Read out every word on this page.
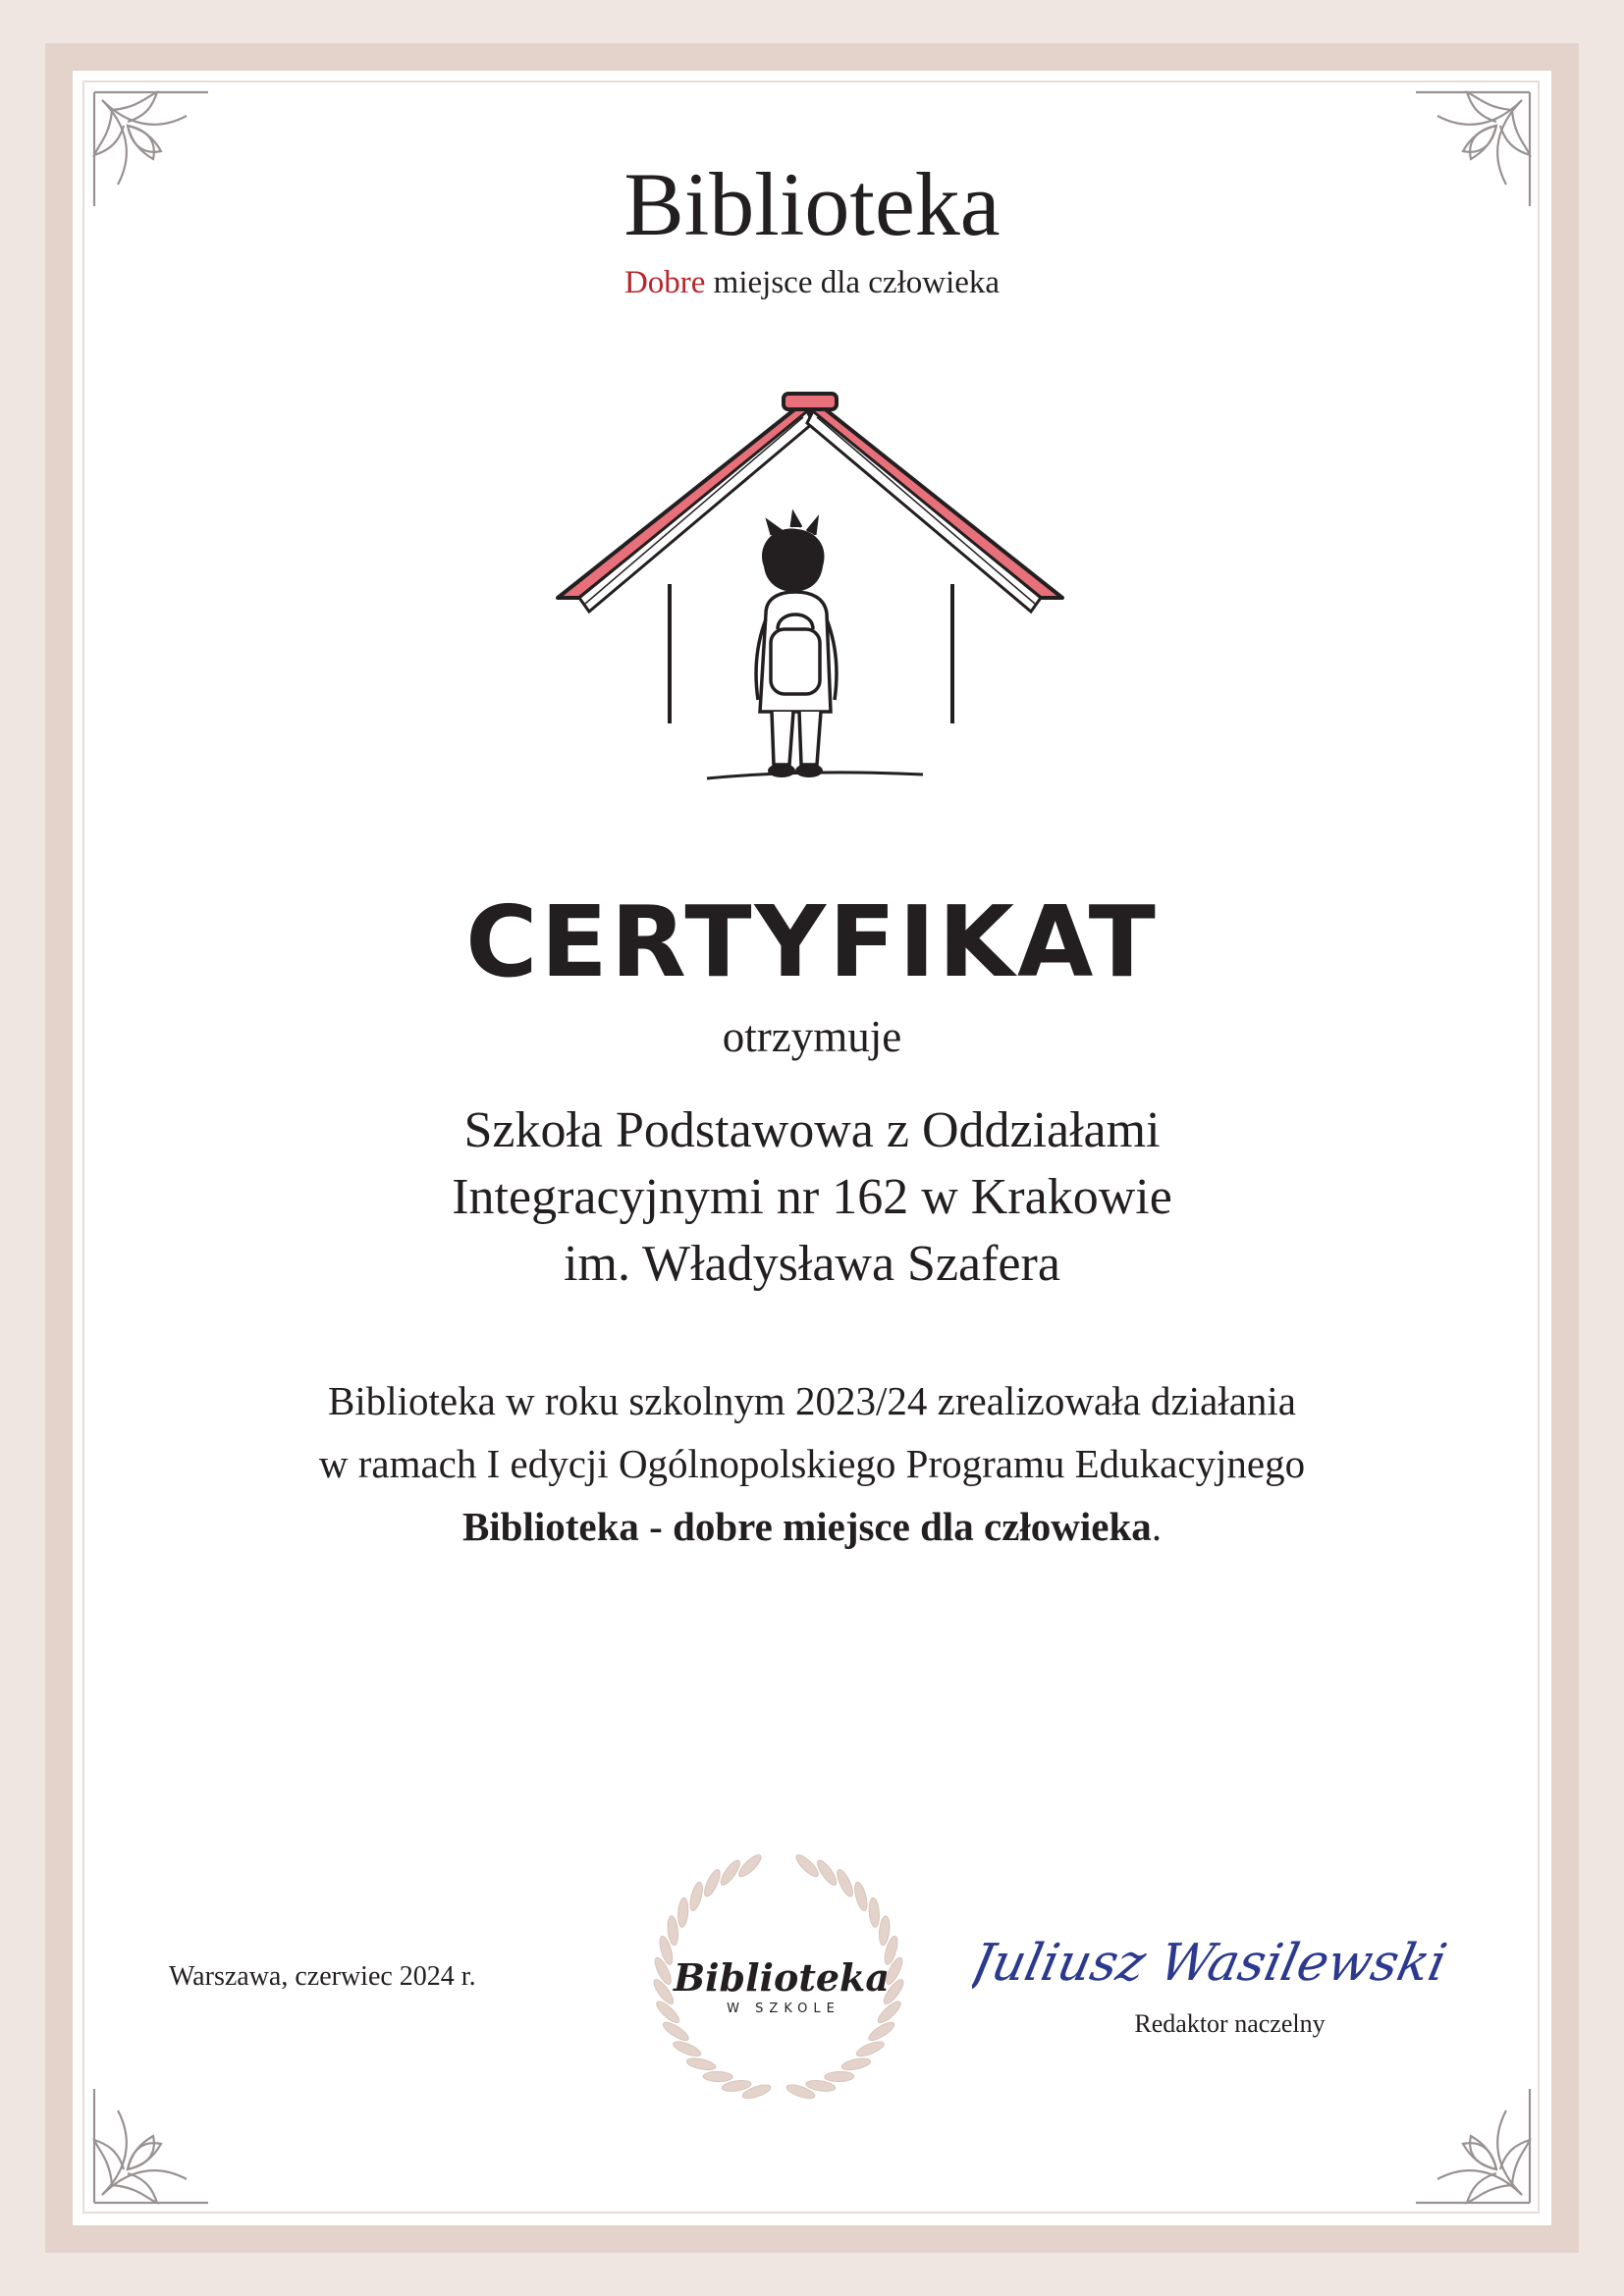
Biblioteka
Dobre miejsce dla człowieka
CERTYFIKAT
otrzymuje
Szkoła Podstawowa z Oddziałami
Integracyjnymi nr 162 w Krakowie
im. Władysława Szafera
Biblioteka w roku szkolnym 2023/24 zrealizowała działania
w ramach I edycji Ogólnopolskiego Programu Edukacyjnego
Biblioteka - dobre miejsce dla człowieka.
Warszawa, czerwiec 2024 r.	Biblioteka
W SZKOLE
Juliusz Wasilewski
Redaktor naczelny
